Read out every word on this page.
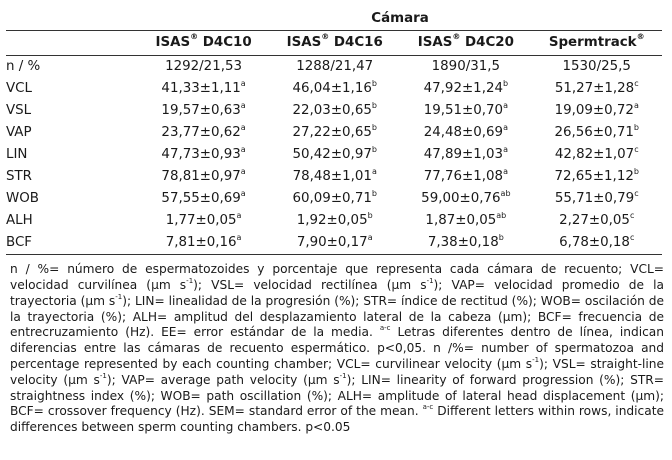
	Cámara			
	ISAS® D4C10	ISAS® D4C16	ISAS® D4C20	Spermtrack®
n / %	1292/21,53	1288/21,47	1890/31,5	1530/25,5
VCL	41,33±1,11$^a$	46,04±1,16$^b$	47,92±1,24$^b$	51,27±1,28$^c$
VSL	19,57±0,63$^a$	22,03±0,65$^b$	19,51±0,70$^a$	19,09±0,72$^a$
VAP	23,77±0,62$^a$	27,22±0,65$^b$	24,48±0,69$^a$	26,56±0,71$^b$
LIN	47,73±0,93$^a$	50,42±0,97$^b$	47,89±1,03$^a$	42,82±1,07$^c$
STR	78,81±0,97$^a$	78,48±1,01$^a$	77,76±1,08$^a$	72,65±1,12$^b$
WOB	57,55±0,69$^a$	60,09±0,71$^b$	59,00±0,76$^{ab}$	55,71±0,79$^c$
ALH	1,77±0,05$^a$	1,92±0,05$^b$	1,87±0,05$^{ab}$	2,27±0,05$^c$
BCF	7,81±0,16$^a$	7,90±0,17$^a$	7,38±0,18$^b$	6,78±0,18$^c$

n / %= número de espermatozoides y porcentaje que representa cada cámara de recuento; VCL= velocidad curvilínea (μm $s^{-1}$); VSL= velocidad rectilínea (μm $s^{-1}$); VAP= velocidad promedio de la trayectoria (μm $s^{-1}$); LIN= linealidad de la progresión (%); STR= índice de rectitud (%); WOB= oscilación de la trayectoria (%); ALH= amplitud del desplazamiento lateral de la cabeza (μm); BCF= frecuencia de entrecruzamiento (Hz). EE= error estándar de la media. $^{a-c}$ Letras diferentes dentro de línea, indican diferencias entre las cámaras de recuento espermático. p<0,05. n /%= number of spermatozoa and percentage represented by each counting chamber; VCL= curvilinear velocity (μm $s^{-1}$); VSL= straight-line velocity (μm $s^{-1}$); VAP= average path velocity (μm $s^{-1}$); LIN= linearity of forward progression (%); STR= straightness index (%); WOB= path oscillation (%); ALH= amplitude of lateral head displacement (μm); BCF= crossover frequency (Hz). SEM= standard error of the mean. $^{a-c}$ Different letters within rows, indicate differences between sperm counting chambers. p<0.05
